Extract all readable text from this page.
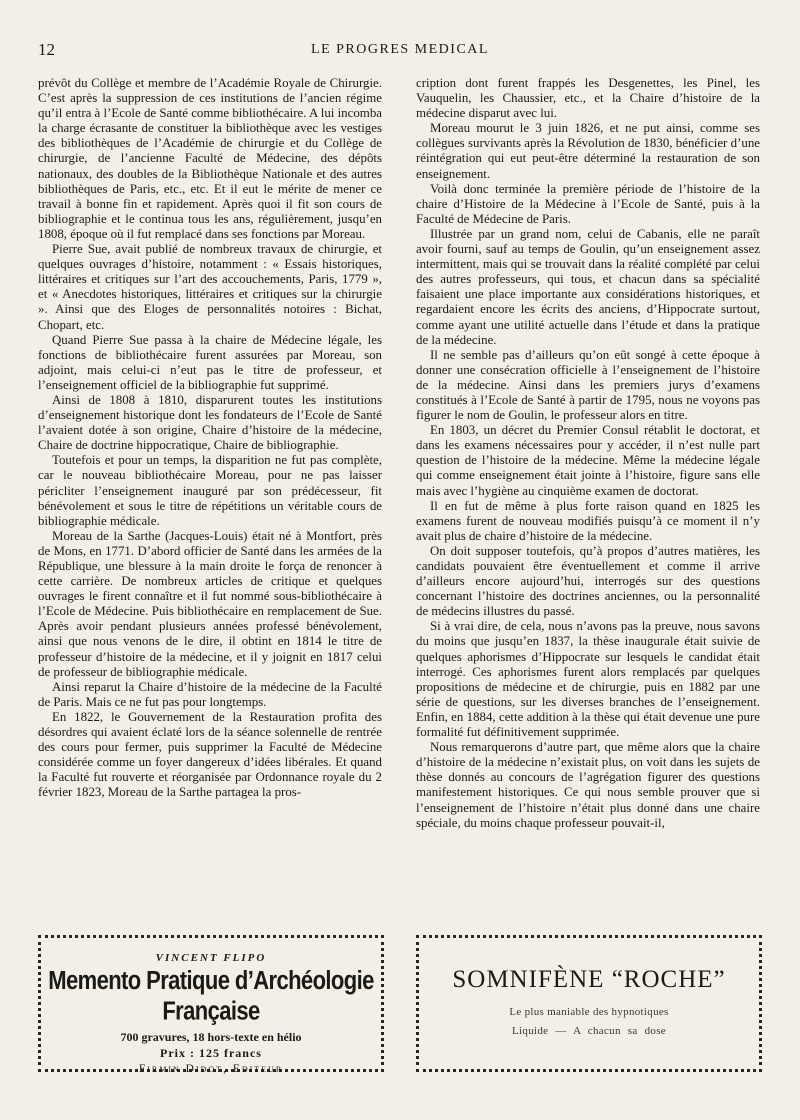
12	LE PROGRES MEDICAL

prévôt du Collège et membre de l’Académie Royale de Chirurgie. C’est après la suppression de ces institutions de l’ancien régime qu’il entra à l’Ecole de Santé comme bibliothécaire. A lui incomba la charge écrasante de constituer la bibliothèque avec les vestiges des bibliothèques de l’Académie de chirurgie et du Collège de chirurgie, de l’ancienne Faculté de Médecine, des dépôts nationaux, des doubles de la Bibliothèque Nationale et des autres bibliothèques de Paris, etc., etc. Et il eut le mérite de mener ce travail à bonne fin et rapidement. Après quoi il fit son cours de bibliographie et le continua tous les ans, régulièrement, jusqu’en 1808, époque où il fut remplacé dans ses fonctions par Moreau.

Pierre Sue, avait publié de nombreux travaux de chirurgie, et quelques ouvrages d’histoire, notamment : « Essais historiques, littéraires et critiques sur l’art des accouchements, Paris, 1779 », et « Anecdotes historiques, littéraires et critiques sur la chirurgie ». Ainsi que des Eloges de personnalités notoires : Bichat, Chopart, etc.

Quand Pierre Sue passa à la chaire de Médecine légale, les fonctions de bibliothécaire furent assurées par Moreau, son adjoint, mais celui-ci n’eut pas le titre de professeur, et l’enseignement officiel de la bibliographie fut supprimé.

Ainsi de 1808 à 1810, disparurent toutes les institutions d’enseignement historique dont les fondateurs de l’Ecole de Santé l’avaient dotée à son origine, Chaire d’histoire de la médecine, Chaire de doctrine hippocratique, Chaire de bibliographie.

Toutefois et pour un temps, la disparition ne fut pas complète, car le nouveau bibliothécaire Moreau, pour ne pas laisser péricliter l’enseignement inauguré par son prédécesseur, fit bénévolement et sous le titre de répétitions un véritable cours de bibliographie médicale.

Moreau de la Sarthe (Jacques-Louis) était né à Montfort, près de Mons, en 1771. D’abord officier de Santé dans les armées de la République, une blessure à la main droite le força de renoncer à cette carrière. De nombreux articles de critique et quelques ouvrages le firent connaître et il fut nommé sous-bibliothécaire à l’Ecole de Médecine. Puis bibliothécaire en remplacement de Sue. Après avoir pendant plusieurs années professé bénévolement, ainsi que nous venons de le dire, il obtint en 1814 le titre de professeur d’histoire de la médecine, et il y joignit en 1817 celui de professeur de bibliographie médicale.

Ainsi reparut la Chaire d’histoire de la médecine de la Faculté de Paris. Mais ce ne fut pas pour longtemps.

En 1822, le Gouvernement de la Restauration profita des désordres qui avaient éclaté lors de la séance solennelle de rentrée des cours pour fermer, puis supprimer la Faculté de Médecine considérée comme un foyer dangereux d’idées libérales. Et quand la Faculté fut rouverte et réorganisée par Ordonnance royale du 2 février 1823, Moreau de la Sarthe partagea la pros-

cription dont furent frappés les Desgenettes, les Pinel, les Vauquelin, les Chaussier, etc., et la Chaire d’histoire de la médecine disparut avec lui.

Moreau mourut le 3 juin 1826, et ne put ainsi, comme ses collègues survivants après la Révolution de 1830, bénéficier d’une réintégration qui eut peut-être déterminé la restauration de son enseignement.

Voilà donc terminée la première période de l’histoire de la chaire d’Histoire de la Médecine à l’Ecole de Santé, puis à la Faculté de Médecine de Paris.

Illustrée par un grand nom, celui de Cabanis, elle ne paraît avoir fourni, sauf au temps de Goulin, qu’un enseignement assez intermittent, mais qui se trouvait dans la réalité complété par celui des autres professeurs, qui tous, et chacun dans sa spécialité faisaient une place importante aux considérations historiques, et regardaient encore les écrits des anciens, d’Hippocrate surtout, comme ayant une utilité actuelle dans l’étude et dans la pratique de la médecine.

Il ne semble pas d’ailleurs qu’on eût songé à cette époque à donner une consécration officielle à l’enseignement de l’histoire de la médecine. Ainsi dans les premiers jurys d’examens constitués à l’Ecole de Santé à partir de 1795, nous ne voyons pas figurer le nom de Goulin, le professeur alors en titre.

En 1803, un décret du Premier Consul rétablit le doctorat, et dans les examens nécessaires pour y accéder, il n’est nulle part question de l’histoire de la médecine. Même la médecine légale qui comme enseignement était jointe à l’histoire, figure sans elle mais avec l’hygiène au cinquième examen de doctorat.

Il en fut de même à plus forte raison quand en 1825 les examens furent de nouveau modifiés puisqu’à ce moment il n’y avait plus de chaire d’histoire de la médecine.

On doit supposer toutefois, qu’à propos d’autres matières, les candidats pouvaient être éventuellement et comme il arrive d’ailleurs encore aujourd’hui, interrogés sur des questions concernant l’histoire des doctrines anciennes, ou la personnalité de médecins illustres du passé.

Si à vrai dire, de cela, nous n’avons pas la preuve, nous savons du moins que jusqu’en 1837, la thèse inaugurale était suivie de quelques aphorismes d’Hippocrate sur lesquels le candidat était interrogé. Ces aphorismes furent alors remplacés par quelques propositions de médecine et de chirurgie, puis en 1882 par une série de questions, sur les diverses branches de l’enseignement. Enfin, en 1884, cette addition à la thèse qui était devenue une pure formalité fut définitivement supprimée.

Nous remarquerons d’autre part, que même alors que la chaire d’histoire de la médecine n’existait plus, on voit dans les sujets de thèse donnés au concours de l’agrégation figurer des questions manifestement historiques. Ce qui nous semble prouver que si l’enseignement de l’histoire n’était plus donné dans une chaire spéciale, du moins chaque professeur pouvait-il,

VINCENT FLIPO
Memento Pratique d’Archéologie Française
700 gravures, 18 hors-texte en hélio
Prix : 125 francs
Firmin Didot, Editeur
SOMNIFÈNE “ROCHE”
Le plus maniable des hypnotiques
Liquide — A chacun sa dose
